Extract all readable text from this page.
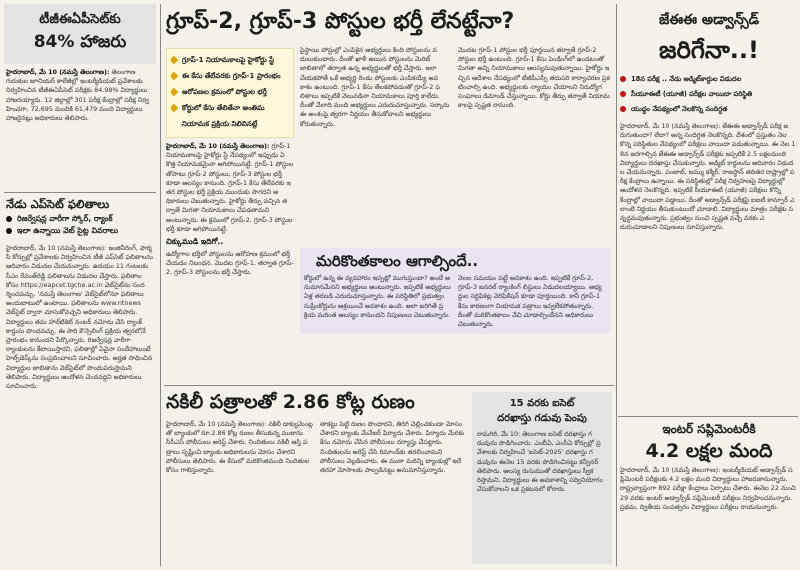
టీజీఈఏపీసెట్‌కు
84% హాజరు
హైదరాబాద్‌, మే 10 (నమస్తే తెలంగాణ): తెలంగాణ గురుకుల జూనియర్ కాలేజీల్లో ఇంటర్మీడియట్ ప్రవేశాలకు నిర్వహించిన టీజీఈఏపీసెట్ పరీక్షకు 84.98% విద్యార్థులు హాజరయ్యారు. 12 జిల్లాల్లో 301 పరీక్ష కేంద్రాల్లో పరీక్ష నిర్వహించగా, 72,695 మందికి 61,479 మంది విద్యార్థులు హాజరైనట్లు అధికారులు తెలిపారు.
నేడు ఎప్‌సెట్ ఫలితాలు
రిజర్వేషన్ల వారీగా స్కోర్, ర్యాంక్
ఇలా ఉన్నాయి వెబ్ సైట్ల వివరాలు
హైదరాబాద్‌, మే 10 (నమస్తే తెలంగాణ): ఇంజినీరింగ్, ఫార్మసీ కోర్సుల్లో ప్రవేశాలకు నిర్వహించిన టీజీ ఎప్‌సెట్ ఫలితాలను ఆదివారం విడుదల చేయనున్నారు. ఉదయం 11 గంటలకు సీఎం రేవంత్‌రెడ్డి ఫలితాలను విడుదల చేస్తారు. ఫలితాల కోసం https://eapcet.tgche.ac.in వెబ్‌సైట్‌ను సందర్శించవచ్చు. 'నమస్తే తెలంగాణ' వెబ్‌సైట్‌లోనూ ఫలితాలు అందుబాటులో ఉంటాయి. ఫలితాలను www.ntnews వెబ్‌సైట్ ద్వారా చూసుకోవచ్చని అధికారులు తెలిపారు. విద్యార్థులు తమ హాల్‌టికెట్ నంబర్ నమోదు చేసి ర్యాంక్ కార్డును పొందవచ్చు. ఈ సారి కౌన్సెలింగ్ ప్రక్రియ త్వరలోనే ప్రారంభం కానుందని పేర్కొన్నారు. రిజర్వేషన్ల వారీగా ర్యాంకులను కేటాయిస్తారని, ఫలితాల్లో ఏవైనా సందేహాలుంటే హెల్ప్‌డెస్క్‌ను సంప్రదించాలని సూచించారు. అర్హత సాధించిన విద్యార్థుల జాబితాను వెబ్‌సైట్‌లో పొందుపరుస్తామని తెలిపారు. విద్యార్థులు ఆందోళన చెందవద్దని అధికారులు సూచించారు.
గ్రూప్‌-2, గ్రూప్‌-3 పోస్టుల భర్తీ లేనట్టేనా?
గ్రూప్‌-1 నియామకాలపై హైకోర్టు స్టే
ఈ కేసు తేలేవరకు గ్రూప్‌-1 ప్రారంభం
ఆరోపణల క్రమంలో పోస్టుల భర్తీ
కోర్టులో కేసు తేలితేనా అంతిమ
నియామక ప్రక్రియ నిలిచినట్లే
హైదరాబాద్‌, మే 10 (నమస్తే తెలంగాణ): గ్రూప్‌-1 నియామకాలపై హైకోర్టు స్టే నేపథ్యంలో ఇప్పుడు ఏ కొత్త నియామకమైనా ఆగిపోయినట్టే. గ్రూప్‌-1 పోస్టులతోపాటు గ్రూప్‌-2 పోస్టులు, గ్రూప్‌-3 పోస్టుల భర్తీ కూడా ఆలస్యం కానుంది. గ్రూప్‌-1 కేసు తేలేవరకు ఇతర పోస్టుల భర్తీ ప్రక్రియ ముందుకు సాగదని అధికారులు చెబుతున్నారు. హైకోర్టు తీర్పు వచ్చిన తర్వాతే మిగతా నియామకాలు చేపడతామని అంటున్నారు. ఈ క్రమంలో గ్రూప్‌-2, గ్రూప్‌-3 పోస్టుల భర్తీ కూడా ఆగిపోయినట్టే.
చిక్కుముడి ఇదిగో..
ఉద్యోగాల భర్తీలో పోస్టులను ఆరోహణ క్రమంలో భర్తీ చేయడం నిబంధన. మొదట గ్రూప్‌-1, తర్వాత గ్రూప్‌-2, గ్రూప్‌-3 పోస్టులను భర్తీ చేస్తారు.
పైస్థాయి పోస్టుల్లో ఎంపికైన అభ్యర్థులు కింది పోస్టులను వదులుకుంటారు. దీంతో ఖాళీ అయిన పోస్టులను మెరిట్ జాబితాలో తర్వాత ఉన్న అభ్యర్థులతో భర్తీ చేస్తారు. ఇలా చేయకపోతే ఒకే అభ్యర్థి రెండు పోస్టులకు ఎంపికయ్యే అవకాశం ఉంటుంది. గ్రూప్‌-1 కేసు తేలకపోవడంతో గ్రూప్‌-2 ఫలితాలు ఇప్పటికే వెలువడినా నియామకాలు పూర్తి కాలేదు. దీంతో వేలాది మంది అభ్యర్థులు ఎదురుచూస్తున్నారు. సర్కారు ఈ అంశంపై త్వరగా నిర్ణయం తీసుకోవాలని అభ్యర్థులు కోరుతున్నారు.
మొదట గ్రూప్‌-1 పోస్టుల భర్తీ పూర్తయిన తర్వాతే గ్రూప్‌-2 పోస్టుల భర్తీ ఉంటుంది. గ్రూప్‌-1 కేసు పెండింగ్‌లో ఉండటంతో మిగతా అన్ని నియామకాలు ఆలస్యమవుతున్నాయి. హైకోర్టు ఇచ్చిన ఆదేశాల నేపథ్యంలో టీజీపీఎస్సీ తదుపరి కార్యాచరణ ప్రకటించాల్సి ఉంది. అభ్యర్థులకు న్యాయం చేయాలని నిరుద్యోగ సంఘాలు డిమాండ్ చేస్తున్నాయి. కోర్టు తీర్పు తర్వాతే నియామకాలపై స్పష్టత రానుంది.
మరికొంతకాలం ఆగాల్సిందే..
కోర్టులో ఉన్న ఈ వ్యవహారం ఇప్పట్లో ముగుస్తుందా? అంటే అనుమానమేనని అభ్యర్థులు అంటున్నారు. ఇప్పటికే అభ్యర్థులు ఏళ్ల తరబడి ఎదురుచూస్తున్నారు. ఈ పరిస్థితిలో ప్రభుత్వం సుప్రీంకోర్టును ఆశ్రయించే అవకాశం ఉంది. అలా జరిగితే ప్రక్రియ మరింత ఆలస్యం కానుందని నిపుణులు చెబుతున్నారు.
నెలల సమయం పట్టే అవకాశం ఉంది. ఇప్పటికే గ్రూప్‌-2, గ్రూప్‌-3 జనరల్ ర్యాంకింగ్ లిస్టులు విడుదలయ్యాయి. అభ్యర్థుల సర్టిఫికెట్ల వెరిఫికేషన్ కూడా పూర్తయింది. కానీ గ్రూప్‌-1 కేసు కారణంగా నియామక పత్రాలు ఇవ్వలేకపోతున్నారు. దీంతో మరికొంతకాలం వేచి చూడాల్సిందేనని అధికారులు చెబుతున్నారు.
నకిలీ పత్రాలతో 2.86 కోట్ల రుణం
హైదరాబాద్‌, మే 10 (నమస్తే తెలంగాణ): నకిలీ డాక్యుమెంట్లతో బ్యాంకులో రూ.2.86 కోట్ల రుణం తీసుకున్న ముఠాను సీసీఎస్ పోలీసులు అరెస్ట్ చేశారు. నిందితులు నకిలీ ఆస్తి పత్రాలు సృష్టించి బ్యాంకు అధికారులను మోసం చేశారని పోలీసులు తెలిపారు. ఈ కేసులో మరికొంతమంది నిందితుల కోసం గాలిస్తున్నారు.
తాకట్టు పెట్టి రుణం పొందారని, తిరిగి చెల్లించకుండా మోసం చేశారని బ్యాంకు మేనేజర్ ఫిర్యాదు చేశారు. ఫిర్యాదు మేరకు కేసు నమోదు చేసిన పోలీసులు దర్యాప్తు చేపట్టారు. నిందితులను అరెస్ట్ చేసి రిమాండ్‌కు తరలించామని పోలీసులు వెల్లడించారు. ఈ ముఠా మరిన్ని బ్యాంకుల్లో ఇదే తరహా మోసాలకు పాల్పడినట్టు అనుమానిస్తున్నారు.
15 వరకు ఐసెట్
దరఖాస్తు గడువు పెంపు
రామగిరి, మే 10: తెలంగాణ ఐసెట్ దరఖాస్తు గడువును పొడిగించారు. ఎంబీఏ, ఎంసీఏ కోర్సుల్లో ప్రవేశాలకు నిర్వహించే 'ఐసెట్‌-2025' దరఖాస్తు గడువును ఈనెల 15 వరకు పొడిగించినట్టు కన్వీనర్ తెలిపారు. ఆలస్య రుసుముతో దరఖాస్తులు స్వీకరిస్తామని, విద్యార్థులు ఈ అవకాశాన్ని సద్వినియోగం చేసుకోవాలని ఒక ప్రకటనలో కోరారు.
జేఈఈ అడ్వాన్స్‌డ్
జరిగేనా..!
18న పరీక్ష .. నేడు అడ్మిట్‌కార్డుల విడుదల
సీయూఈటీ (యూజీ) పరీక్షల వాయిదా పరిస్థితి
యుద్ధం నేపథ్యంలో నెలకొన్న సందిగ్ధత
హైదరాబాద్‌, మే 10 (నమస్తే తెలంగాణ): జేఈఈ అడ్వాన్స్‌డ్ పరీక్ష జరుగుతుందా? లేదా? అన్న సందిగ్ధత నెలకొన్నది. దేశంలో ప్రస్తుతం నెలకొన్న పరిస్థితుల నేపథ్యంలో పరీక్షలు వాయిదా పడుతున్నాయి. ఈ నెల 18న జరగాల్సిన జేఈఈ అడ్వాన్స్‌డ్ పరీక్షకు ఇప్పటికే 2.5 లక్షలమంది విద్యార్థులు దరఖాస్తు చేసుకున్నారు. అడ్మిట్ కార్డులను ఆదివారం విడుదల చేయనున్నారు. పంజాబ్, జమ్ము కశ్మీర్, రాజస్థాన్ తదితర రాష్ట్రాల్లో పరీక్ష కేంద్రాలు ఉన్నాయి. ఈ పరిస్థితుల్లో పరీక్ష నిర్వహణపై విద్యార్థుల్లో ఆందోళన నెలకొన్నది. ఇప్పటికే సీయూఈటీ (యూజీ) పరీక్షలు కొన్ని కేంద్రాల్లో వాయిదా పడ్డాయి. దీంతో అడ్వాన్స్‌డ్ పరీక్షపై ఐఐటీ కాన్పూర్ ఎలాంటి నిర్ణయం తీసుకుంటుందో చూడాలి. విద్యార్థులు మాత్రం పరీక్షకు సన్నద్ధమవుతున్నారు. ప్రభుత్వం నుంచి స్పష్టత వచ్చే వరకు ఎదురుచూడాలని నిపుణులు సూచిస్తున్నారు.
ఇంటర్ సప్లిమెంటరీకి
4.2 లక్షల మంది
హైదరాబాద్‌, మే 10 (నమస్తే తెలంగాణ): ఇంటర్మీడియట్ అడ్వాన్స్‌డ్ సప్లిమెంటరీ పరీక్షలకు 4.2 లక్షల మంది విద్యార్థులు హాజరుకానున్నారు. రాష్ట్రవ్యాప్తంగా 892 పరీక్షా కేంద్రాలు ఏర్పాటు చేశారు. ఈనెల 22 నుంచి 29 వరకు ఇంటర్ అడ్వాన్స్‌డ్ సప్లిమెంటరీ పరీక్షలు నిర్వహించనున్నారు. ప్రథమ, ద్వితీయ సంవత్సరం విద్యార్థులు పరీక్షలు రాయనున్నారు.
